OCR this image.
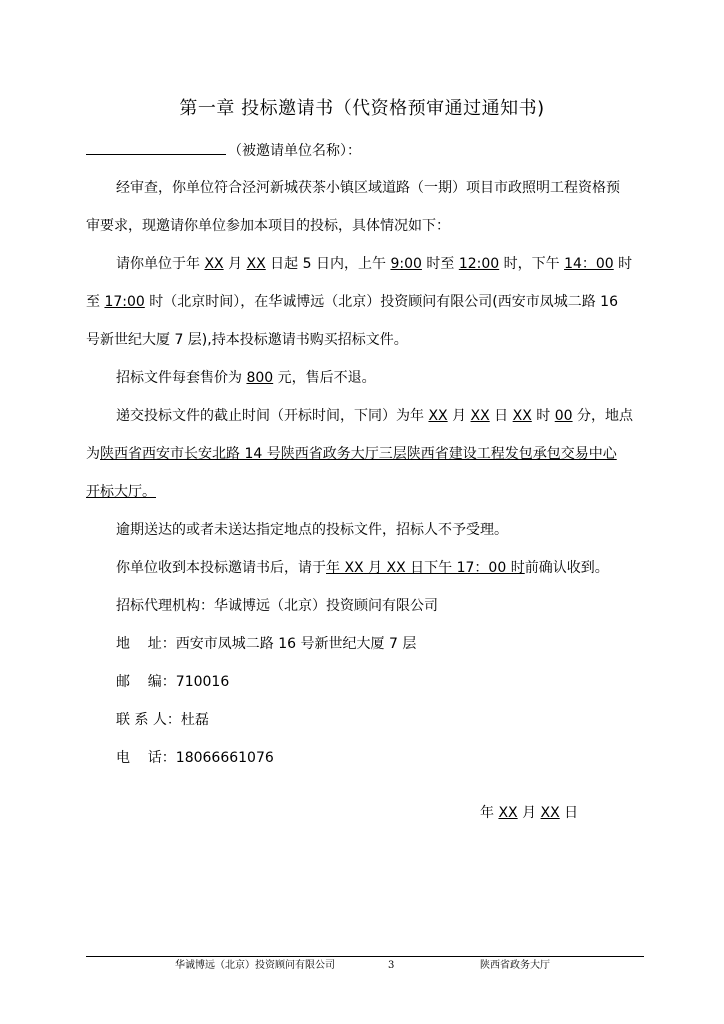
第一章 投标邀请书（代资格预审通过通知书)
（被邀请单位名称）：
经审查，你单位符合泾河新城茯茶小镇区域道路（一期）项目市政照明工程资格预
审要求，现邀请你单位参加本项目的投标，具体情况如下：
请你单位于年 XX 月 XX 日起 5 日内，上午 9:00 时至 12:00 时，下午 14：00 时
至 17:00 时（北京时间），在华诚博远（北京）投资顾问有限公司(西安市凤城二路 16
号新世纪大厦 7 层),持本投标邀请书购买招标文件。
招标文件每套售价为 800 元，售后不退。
递交投标文件的截止时间（开标时间，下同）为年 XX 月 XX 日 XX 时 00 分，地点
为陕西省西安市长安北路 14 号陕西省政务大厅三层陕西省建设工程发包承包交易中心
开标大厅。
逾期送达的或者未送达指定地点的投标文件，招标人不予受理。
你单位收到本投标邀请书后，请于年 XX 月 XX 日下午 17：00 时前确认收到。
招标代理机构：华诚博远（北京）投资顾问有限公司
地    址：西安市凤城二路 16 号新世纪大厦 7 层
邮    编：710016
联 系 人：杜磊
电    话：18066661076
年 XX 月 XX 日
华诚博远（北京）投资顾问有限公司	3	陕西省政务大厅
